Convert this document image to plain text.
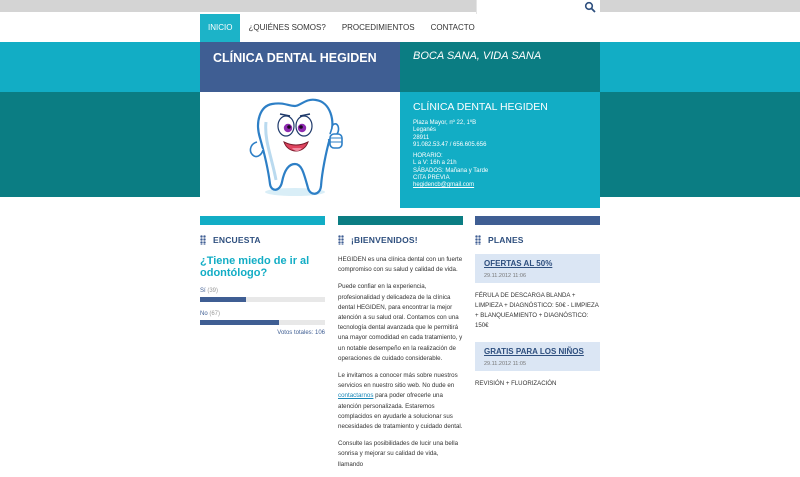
INICIO	¿QUIÉNES SOMOS?	PROCEDIMIENTOS	CONTACTO
CLÍNICA DENTAL HEGIDEN	BOCA SANA, VIDA SANA
CLÍNICA DENTAL HEGIDEN
Plaza Mayor, nº 22, 1ºB
Leganés
28911
91.082.53.47 / 656.605.656
HORARIO:
L a V: 16h a 21h
SÁBADOS: Mañana y Tarde
CITA PREVIA
hegidencb@gmail.com
ENCUESTA
¿Tiene miedo de ir al odontólogo?
Sí (39)
No (67)
Votos totales: 106
¡BIENVENIDOS!

HEGIDEN es una clínica dental con un fuerte compromiso con su salud y calidad de vida.

Puede confiar en la experiencia, profesionalidad y delicadeza de la clínica dental HEGIDEN, para encontrar la mejor atención a su salud oral. Contamos con una tecnología dental avanzada que le permitirá una mayor comodidad en cada tratamiento, y un notable desempeño en la realización de operaciones de cuidado considerable.

Le invitamos a conocer más sobre nuestros servicios en nuestro sitio web. No dude en contactarnos para poder ofrecerle una atención personalizada. Estaremos complacidos en ayudarle a solucionar sus necesidades de tratamiento y cuidado dental.

Consulte las posibilidades de lucir una bella sonrisa y mejorar su calidad de vida, llamando

PLANES
OFERTAS AL 50%
29.11.2012 11:06
FÉRULA DE DESCARGA BLANDA + LIMPIEZA + DIAGNÓSTICO: 50€ - LIMPIEZA + BLANQUEAMIENTO + DIAGNÓSTICO: 150€
GRATIS PARA LOS NIÑOS
29.11.2012 11:05
REVISIÓN + FLUORIZACIÓN
